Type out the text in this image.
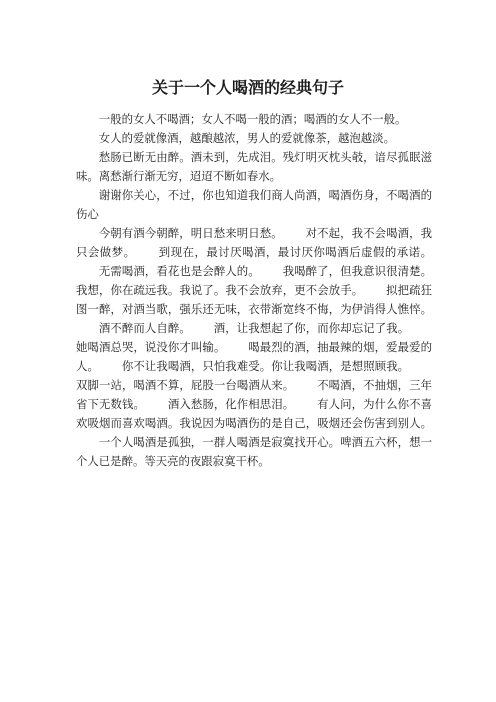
关于一个人喝酒的经典句子

一般的女人不喝酒；女人不喝一般的酒；喝酒的女人不一般。

女人的爱就像酒，越酿越浓，男人的爱就像茶，越泡越淡。

愁肠已断无由醉。酒未到，先成泪。残灯明灭枕头攲，谙尽孤眠滋味。离愁渐行渐无穷，迢迢不断如春水。

谢谢你关心，不过，你也知道我们商人尚酒，喝酒伤身，不喝酒的伤心

今朝有酒今朝醉，明日愁来明日愁。 对不起，我不会喝酒，我只会做梦。 到现在，最讨厌喝酒，最讨厌你喝酒后虚假的承诺。无需喝酒，看花也是会醉人的。 我喝醉了，但我意识很清楚。我想，你在疏远我。我说了。我不会放弃，更不会放手。 拟把疏狂图一醉，对酒当歌，强乐还无味，衣带渐宽终不悔，为伊消得人憔悴。酒不醉而人自醉。 酒，让我想起了你，而你却忘记了我。她喝酒总哭，说没你才叫输。 喝最烈的酒，抽最辣的烟，爱最爱的人。 你不让我喝酒，只怕我难受。你让我喝酒，是想照顾我。双脚一站，喝酒不算，屁股一台喝酒从来。 不喝酒，不抽烟，三年省下无数钱。 酒入愁肠，化作相思泪。 有人问，为什么你不喜欢吸烟而喜欢喝酒。我说因为喝酒伤的是自己，吸烟还会伤害到别人。一个人喝酒是孤独，一群人喝酒是寂寞找开心。啤酒五六杯，想一个人已是醉。等天亮的夜跟寂寞干杯。
